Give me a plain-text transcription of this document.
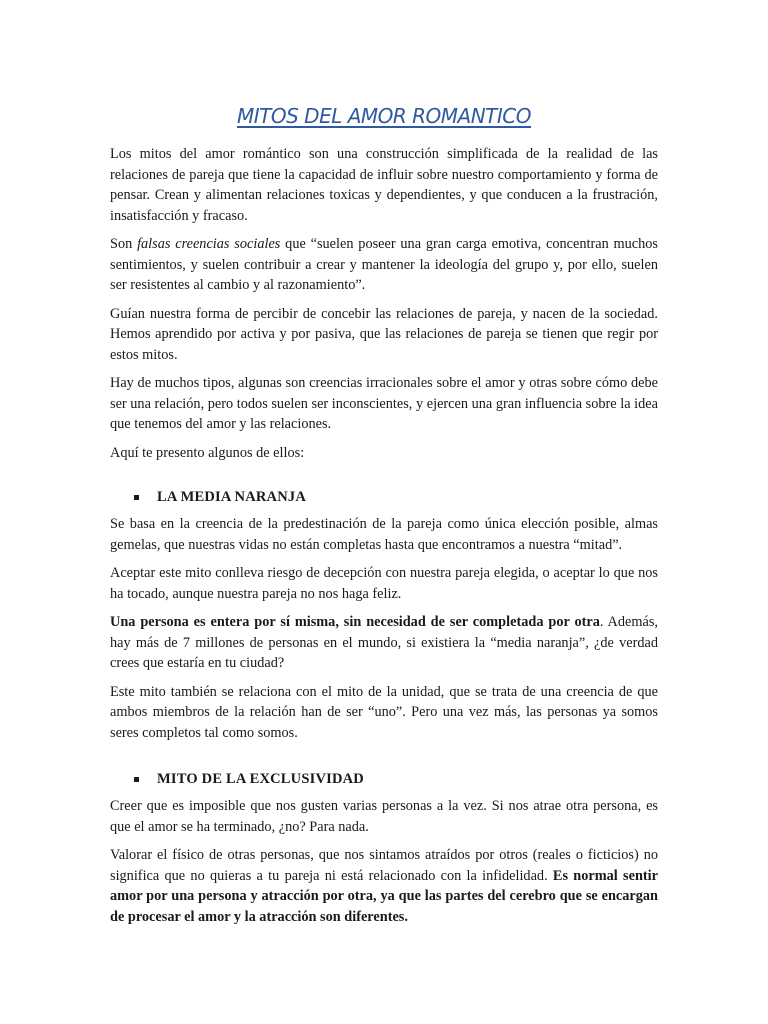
MITOS DEL AMOR ROMANTICO

Los mitos del amor romántico son una construcción simplificada de la realidad de las relaciones de pareja que tiene la capacidad de influir sobre nuestro comportamiento y forma de pensar. Crean y alimentan relaciones toxicas y dependientes, y que conducen a la frustración, insatisfacción y fracaso.

Son falsas creencias sociales que “suelen poseer una gran carga emotiva, concentran muchos sentimientos, y suelen contribuir a crear y mantener la ideología del grupo y, por ello, suelen ser resistentes al cambio y al razonamiento”.

Guían nuestra forma de percibir de concebir las relaciones de pareja, y nacen de la sociedad. Hemos aprendido por activa y por pasiva, que las relaciones de pareja se tienen que regir por estos mitos.

Hay de muchos tipos, algunas son creencias irracionales sobre el amor y otras sobre cómo debe ser una relación, pero todos suelen ser inconscientes, y ejercen una gran influencia sobre la idea que tenemos del amor y las relaciones.

Aquí te presento algunos de ellos:

LA MEDIA NARANJA

Se basa en la creencia de la predestinación de la pareja como única elección posible, almas gemelas, que nuestras vidas no están completas hasta que encontramos a nuestra “mitad”.

Aceptar este mito conlleva riesgo de decepción con nuestra pareja elegida, o aceptar lo que nos ha tocado, aunque nuestra pareja no nos haga feliz.

Una persona es entera por sí misma, sin necesidad de ser completada por otra. Además, hay más de 7 millones de personas en el mundo, si existiera la “media naranja”, ¿de verdad crees que estaría en tu ciudad?

Este mito también se relaciona con el mito de la unidad, que se trata de una creencia de que ambos miembros de la relación han de ser “uno”. Pero una vez más, las personas ya somos seres completos tal como somos.

MITO DE LA EXCLUSIVIDAD

Creer que es imposible que nos gusten varias personas a la vez. Si nos atrae otra persona, es que el amor se ha terminado, ¿no? Para nada.

Valorar el físico de otras personas, que nos sintamos atraídos por otros (reales o ficticios) no significa que no quieras a tu pareja ni está relacionado con la infidelidad. Es normal sentir amor por una persona y atracción por otra, ya que las partes del cerebro que se encargan de procesar el amor y la atracción son diferentes.
